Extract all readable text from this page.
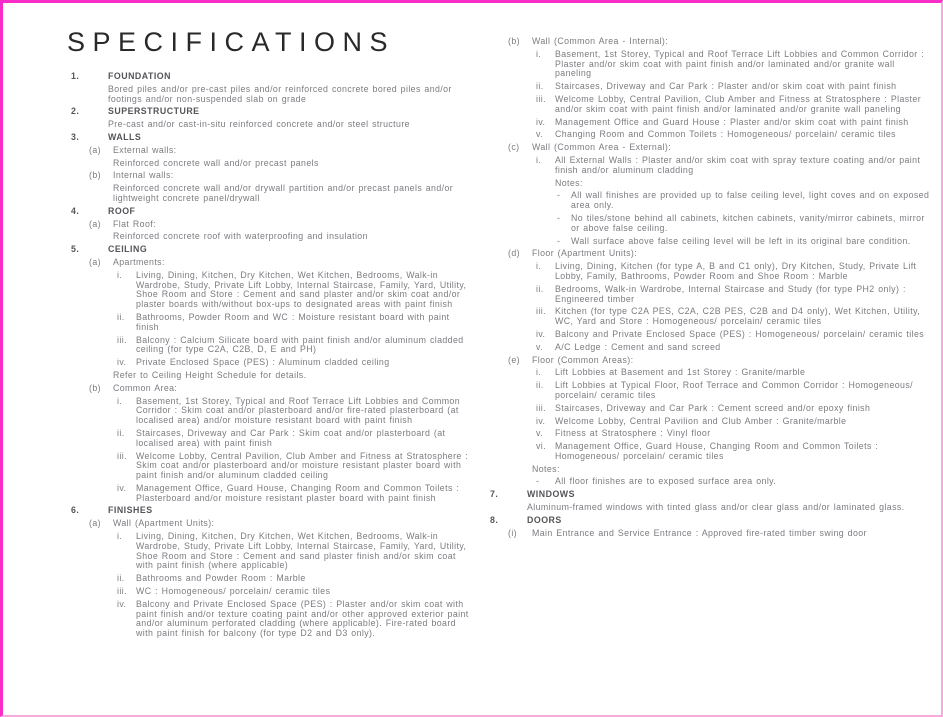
SPECIFICATIONS
1.	FOUNDATION
Bored piles and/or pre-cast piles and/or reinforced concrete bored piles and/or footings and/or non-suspended slab on grade
2.	SUPERSTRUCTURE
Pre-cast and/or cast-in-situ reinforced concrete and/or steel structure
3.	WALLS
(a)	External walls:
Reinforced concrete wall and/or precast panels
(b)	Internal walls:
Reinforced concrete wall and/or drywall partition and/or precast panels and/or lightweight concrete panel/drywall
4.	ROOF
(a)	Flat Roof:
Reinforced concrete roof with waterproofing and insulation
5.	CEILING
(a)	Apartments:
i.	Living, Dining, Kitchen, Dry Kitchen, Wet Kitchen, Bedrooms, Walk-in Wardrobe, Study, Private Lift Lobby, Internal Staircase, Family, Yard, Utility, Shoe Room and Store : Cement and sand plaster and/or skim coat and/or plaster boards with/without box-ups to designated areas with paint finish
ii.	Bathrooms, Powder Room and WC : Moisture resistant board with paint finish
iii.	Balcony : Calcium Silicate board with paint finish and/or aluminum cladded ceiling (for type C2A, C2B, D, E and PH)
iv.	Private Enclosed Space (PES) : Aluminum cladded ceiling
Refer to Ceiling Height Schedule for details.
(b)	Common Area:
i.	Basement, 1st Storey, Typical and Roof Terrace Lift Lobbies and Common Corridor : Skim coat and/or plasterboard and/or fire-rated plasterboard (at localised area) and/or moisture resistant board with paint finish
ii.	Staircases, Driveway and Car Park : Skim coat and/or plasterboard (at localised area) with paint finish
iii.	Welcome Lobby, Central Pavilion, Club Amber and Fitness at Stratosphere : Skim coat and/or plasterboard and/or moisture resistant plaster board with paint finish and/or aluminum cladded ceiling
iv.	Management Office, Guard House, Changing Room and Common Toilets : Plasterboard and/or moisture resistant plaster board with paint finish
6.	FINISHES
(a)	Wall (Apartment Units):
i.	Living, Dining, Kitchen, Dry Kitchen, Wet Kitchen, Bedrooms, Walk-in Wardrobe, Study, Private Lift Lobby, Internal Staircase, Family, Yard, Utility, Shoe Room and Store : Cement and sand plaster finish and/or skim coat with paint finish (where applicable)
ii.	Bathrooms and Powder Room : Marble
iii.	WC : Homogeneous/ porcelain/ ceramic tiles
iv.	Balcony and Private Enclosed Space (PES) : Plaster and/or skim coat with paint finish and/or texture coating paint and/or other approved exterior paint and/or aluminum perforated cladding (where applicable). Fire-rated board with paint finish for balcony (for type D2 and D3 only).
(b)	Wall (Common Area - Internal):
i.	Basement, 1st Storey, Typical and Roof Terrace Lift Lobbies and Common Corridor : Plaster and/or skim coat with paint finish and/or laminated and/or granite wall paneling
ii.	Staircases, Driveway and Car Park : Plaster and/or skim coat with paint finish
iii.	Welcome Lobby, Central Pavilion, Club Amber and Fitness at Stratosphere : Plaster and/or skim coat with paint finish and/or laminated and/or granite wall paneling
iv.	Management Office and Guard House : Plaster and/or skim coat with paint finish
v.	Changing Room and Common Toilets : Homogeneous/ porcelain/ ceramic tiles
(c)	Wall (Common Area - External):
i.	All External Walls : Plaster and/or skim coat with spray texture coating and/or paint finish and/or aluminum cladding
Notes:
-	All wall finishes are provided up to false ceiling level, light coves and on exposed area only.
-	No tiles/stone behind all cabinets, kitchen cabinets, vanity/mirror cabinets, mirror or above false ceiling.
-	Wall surface above false ceiling level will be left in its original bare condition.
(d)	Floor (Apartment Units):
i.	Living, Dining, Kitchen (for type A, B and C1 only), Dry Kitchen, Study, Private Lift Lobby, Family, Bathrooms, Powder Room and Shoe Room : Marble
ii.	Bedrooms, Walk-in Wardrobe, Internal Staircase and Study (for type PH2 only) : Engineered timber
iii.	Kitchen (for type C2A PES, C2A, C2B PES, C2B and D4 only), Wet Kitchen, Utility, WC, Yard and Store : Homogeneous/ porcelain/ ceramic tiles
iv.	Balcony and Private Enclosed Space (PES) : Homogeneous/ porcelain/ ceramic tiles
v.	A/C Ledge : Cement and sand screed
(e)	Floor (Common Areas):
i.	Lift Lobbies at Basement and 1st Storey : Granite/marble
ii.	Lift Lobbies at Typical Floor, Roof Terrace and Common Corridor : Homogeneous/ porcelain/ ceramic tiles
iii.	Staircases, Driveway and Car Park : Cement screed and/or epoxy finish
iv.	Welcome Lobby, Central Pavilion and Club Amber : Granite/marble
v.	Fitness at Stratosphere : Vinyl floor
vi.	Management Office, Guard House, Changing Room and Common Toilets : Homogeneous/ porcelain/ ceramic tiles
Notes:
-	All floor finishes are to exposed surface area only.
7.	WINDOWS
Aluminum-framed windows with tinted glass and/or clear glass and/or laminated glass.
8.	DOORS
(i)	Main Entrance and Service Entrance : Approved fire-rated timber swing door
